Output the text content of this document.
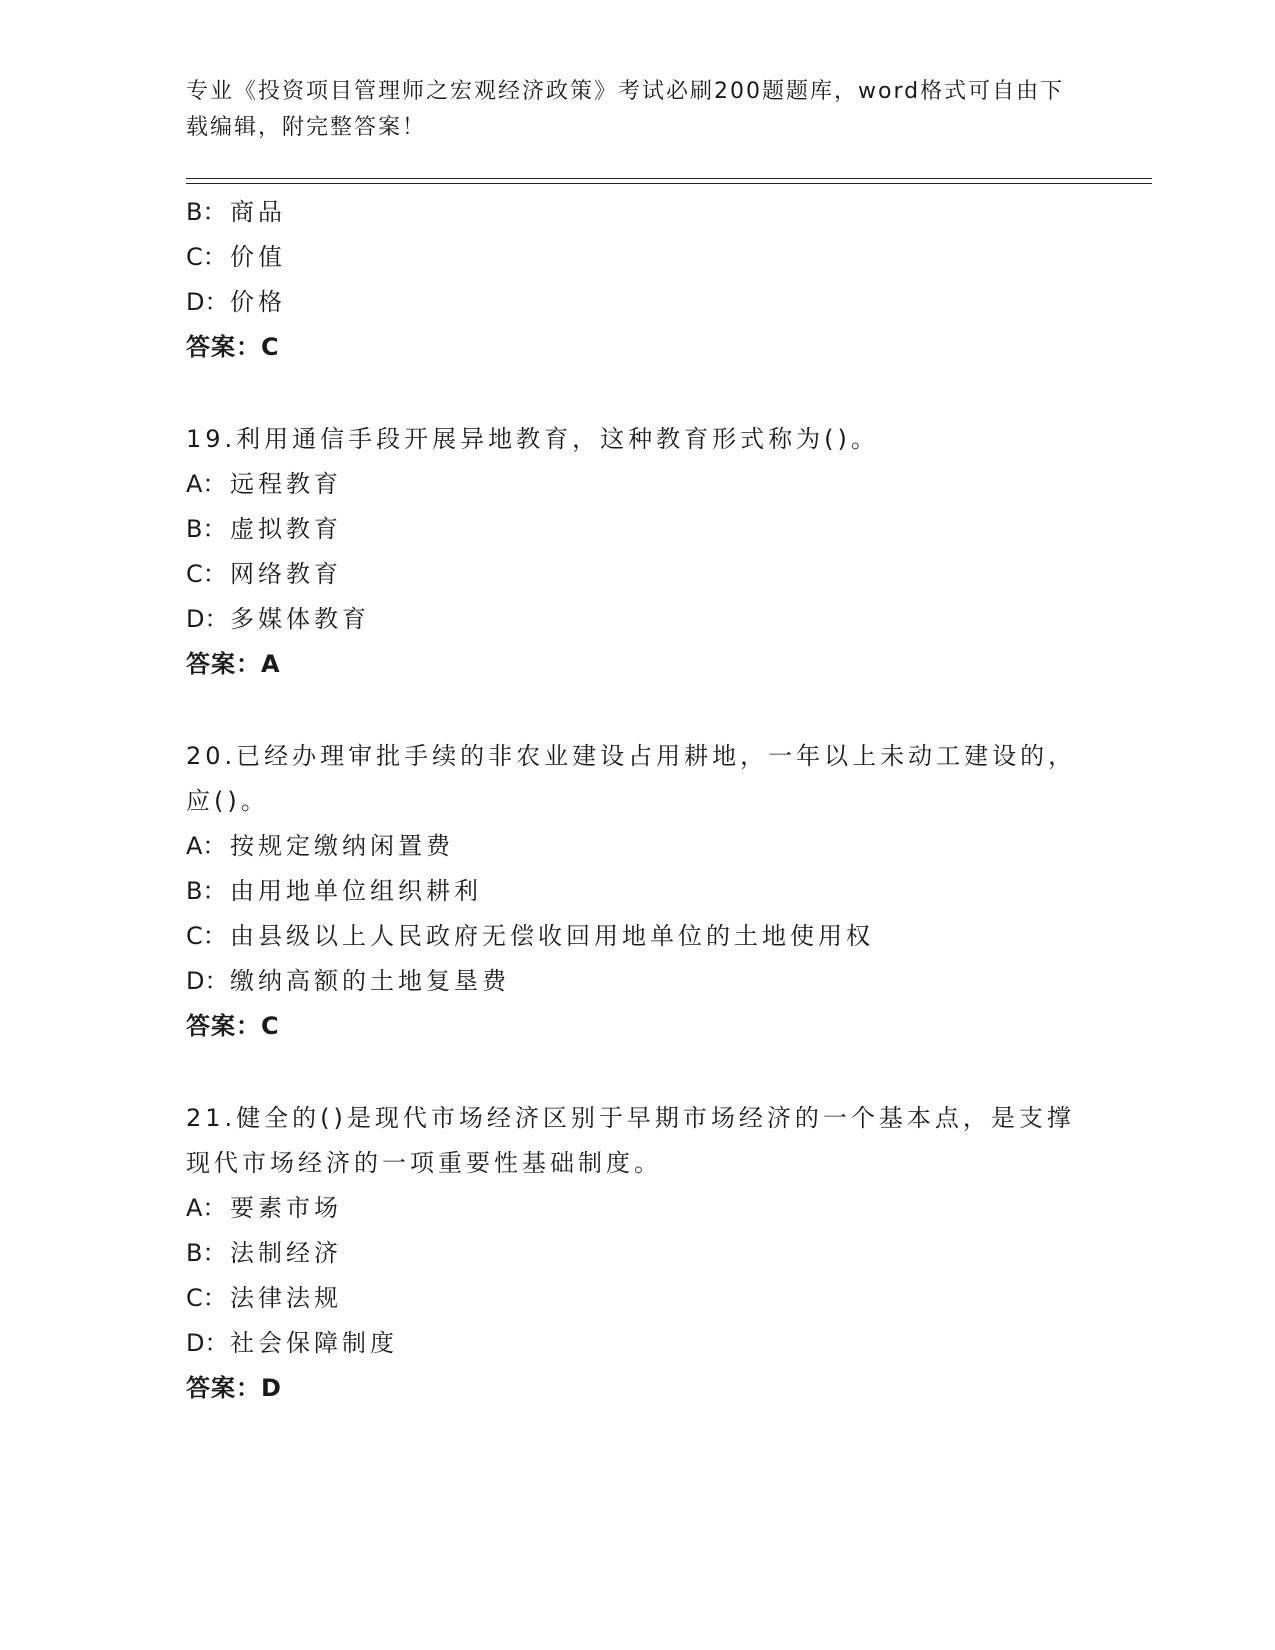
专业《投资项目管理师之宏观经济政策》考试必刷200题题库，word格式可自由下载编辑，附完整答案！
B： 商品
C： 价值
D：价格
答案：C
19.利用通信手段开展异地教育，这种教育形式称为()。
A： 远程教育
B： 虚拟教育
C： 网络教育
D：多媒体教育
答案：A
20.已经办理审批手续的非农业建设占用耕地，一年以上未动工建设的，应()。
A： 按规定缴纳闲置费
B： 由用地单位组织耕利
C： 由县级以上人民政府无偿收回用地单位的土地使用权
D：缴纳高额的土地复垦费
答案：C
21.健全的()是现代市场经济区别于早期市场经济的一个基本点，是支撑现代市场经济的一项重要性基础制度。
A： 要素市场
B： 法制经济
C： 法律法规
D：社会保障制度
答案：D
